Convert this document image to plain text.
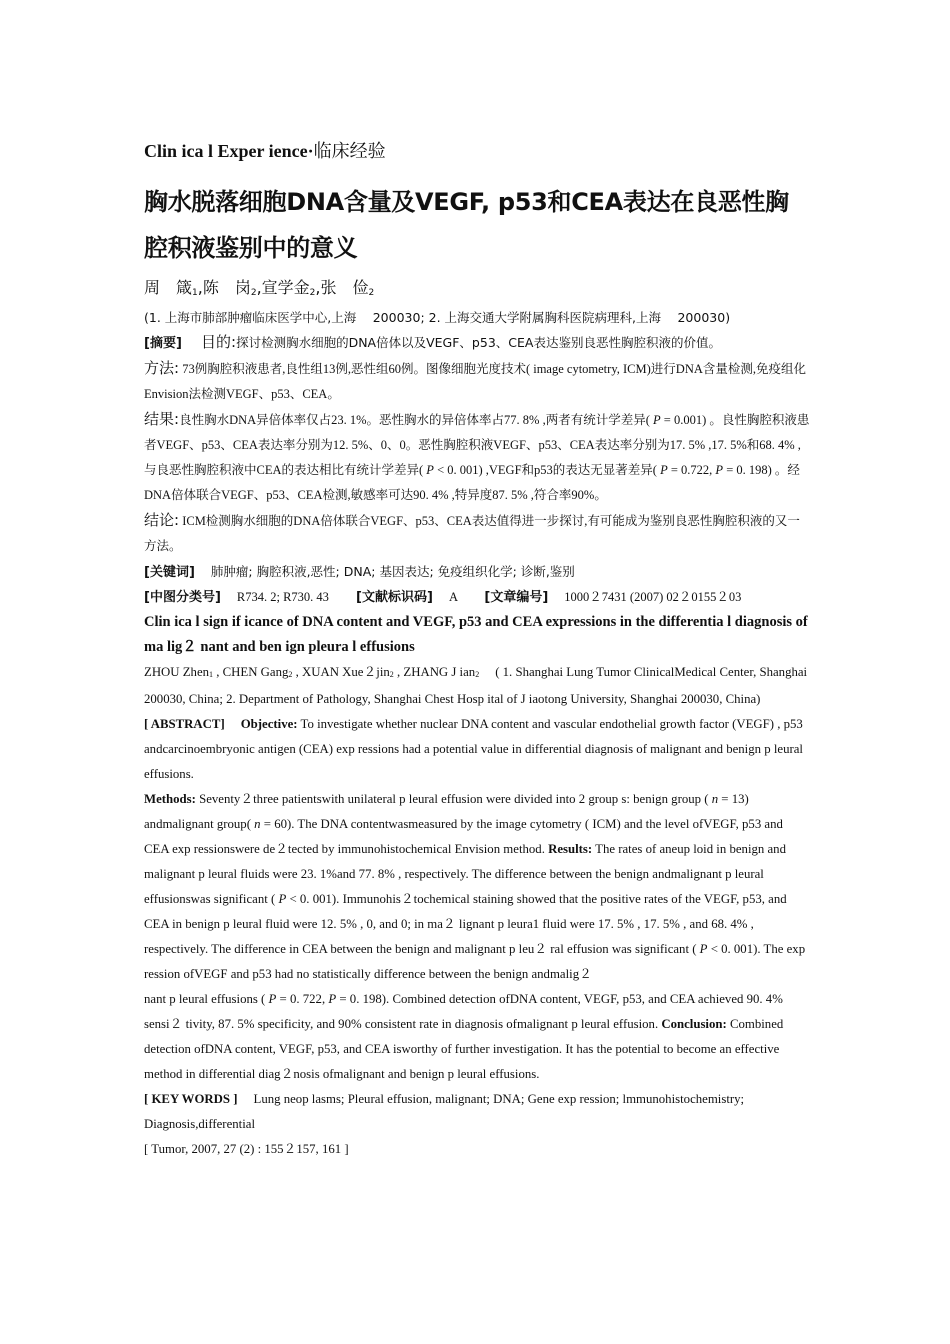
Clin ica l Exper ience·临床经验
胸水脱落细胞DNA含量及VEGF, p53和CEA表达在良恶性胸
腔积液鉴别中的意义
周　箴$_1$,陈　岗$_2$,宣学金$_2$,张　俭$_2$
(1. 上海市肺部肿瘤临床医学中心,上海　 200030; 2. 上海交通大学附属胸科医院病理科,上海　 200030)
[摘要] 目的:探讨检测胸水细胞的DNA倍体以及VEGF、p53、CEA表达鉴别良恶性胸腔积液的价值。
方法: 73例胸腔积液患者,良性组13例,恶性组60例。图像细胞光度技术( image cytometry, ICM)进行DNA含量检测,免疫组化Envision法检测VEGF、p53、CEA。
结果:良性胸水DNA异倍体率仅占23. 1%。恶性胸水的异倍体率占77. 8% ,两者有统计学差异( P = 0.001) 。良性胸腔积液患者VEGF、p53、CEA表达率分别为12. 5%、0、0。恶性胸腔积液VEGF、p53、CEA表达率分别为17. 5% ,17. 5%和68. 4% ,与良恶性胸腔积液中CEA的表达相比有统计学差异( P < 0. 001) ,VEGF和p53的表达无显著差异( P = 0.722, P = 0. 198) 。经DNA倍体联合VEGF、p53、CEA检测,敏感率可达90. 4% ,特异度87. 5% ,符合率90%。
结论: ICM检测胸水细胞的DNA倍体联合VEGF、p53、CEA表达值得进一步探讨,有可能成为鉴别良恶性胸腔积液的又一方法。
[关键词] 肺肿瘤; 胸腔积液,恶性; DNA; 基因表达; 免疫组织化学; 诊断,鉴别
[中图分类号] R734. 2; R730. 43 [文献标识码] A [文章编号] 1000２7431 (2007) 02２0155２03
Clin ica l sign if icance of DNA content and VEGF, p53 and CEA expressions in the differentia l diagnosis of ma lig２ nant and ben ign pleura l effusions
ZHOU Zhen$_1$ , CHEN Gang$_2$ , XUAN Xue２jin$_2$ , ZHANG J ian$_2$ ( 1. Shanghai Lung Tumor ClinicalMedical Center, Shanghai 200030, China; 2. Department of Pathology, Shanghai Chest Hosp ital of J iaotong University, Shanghai 200030, China)
[ ABSTRACT] Objective: To investigate whether nuclear DNA content and vascular endothelial growth factor (VEGF) , p53 andcarcinoembryonic antigen (CEA) exp ressions had a potential value in differential diagnosis of malignant and benign p leural effusions.
Methods: Seventy２three patientswith unilateral p leural effusion were divided into 2 group s: benign group ( n = 13) andmalignant group( n = 60). The DNA contentwasmeasured by the image cytometry ( ICM) and the level ofVEGF, p53 and CEA exp ressionswere de２tected by immunohistochemical Envision method. Results: The rates of aneup loid in benign and malignant p leural fluids were 23. 1%and 77. 8% , respectively. The difference between the benign andmalignant p leural effusionswas significant ( P < 0. 001). Immunohis２tochemical staining showed that the positive rates of the VEGF, p53, and CEA in benign p leural fluid were 12. 5% , 0, and 0; in ma２ lignant p leura1 fluid were 17. 5% , 17. 5% , and 68. 4% , respectively. The difference in CEA between the benign and malignant p leu２ ral effusion was significant ( P < 0. 001). The exp ression ofVEGF and p53 had no statistically difference between the benign andmalig２
nant p leural effusions ( P = 0. 722, P = 0. 198). Combined detection ofDNA content, VEGF, p53, and CEA achieved 90. 4% sensi２ tivity, 87. 5% specificity, and 90% consistent rate in diagnosis ofmalignant p leural effusion. Conclusion: Combined detection ofDNA content, VEGF, p53, and CEA isworthy of further investigation. It has the potential to become an effective method in differential diag２nosis ofmalignant and benign p leural effusions.
[ KEY WORDS ] Lung neop lasms; Pleural effusion, malignant; DNA; Gene exp ression; lmmunohistochemistry; Diagnosis,differential
[ Tumor, 2007, 27 (2) : 155２157, 161 ]
